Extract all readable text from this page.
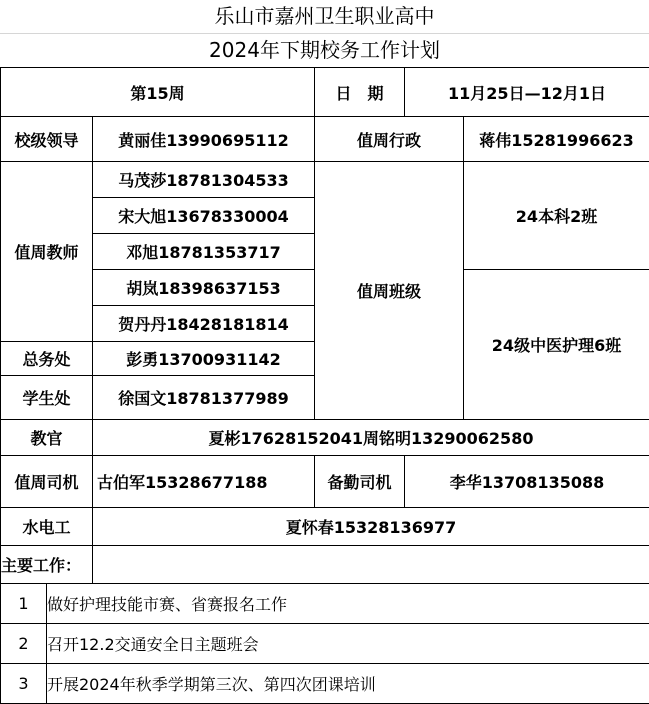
乐山市嘉州卫生职业高中
2024年下期校务工作计划
第15周		日　期	11月25日—12月1日	
校级领导	黄丽佳13990695112	值周行政		蒋伟15281996623
值周教师	马茂莎18781304533	值周班级		24本科2班
	宋大旭13678330004			
	邓旭18781353717			
	胡岚18398637153			24级中医护理6班
	贺丹丹18428181814			
总务处	彭勇13700931142			
学生处	徐国文18781377989			
教官	夏彬17628152041周铭明13290062580			
值周司机	古伯军15328677188	备勤司机	李华13708135088	
水电工	夏怀春15328136977			
主要工作：				
1	做好护理技能市赛、省赛报名工作
2	召开12.2交通安全日主题班会
3	开展2024年秋季学期第三次、第四次团课培训
